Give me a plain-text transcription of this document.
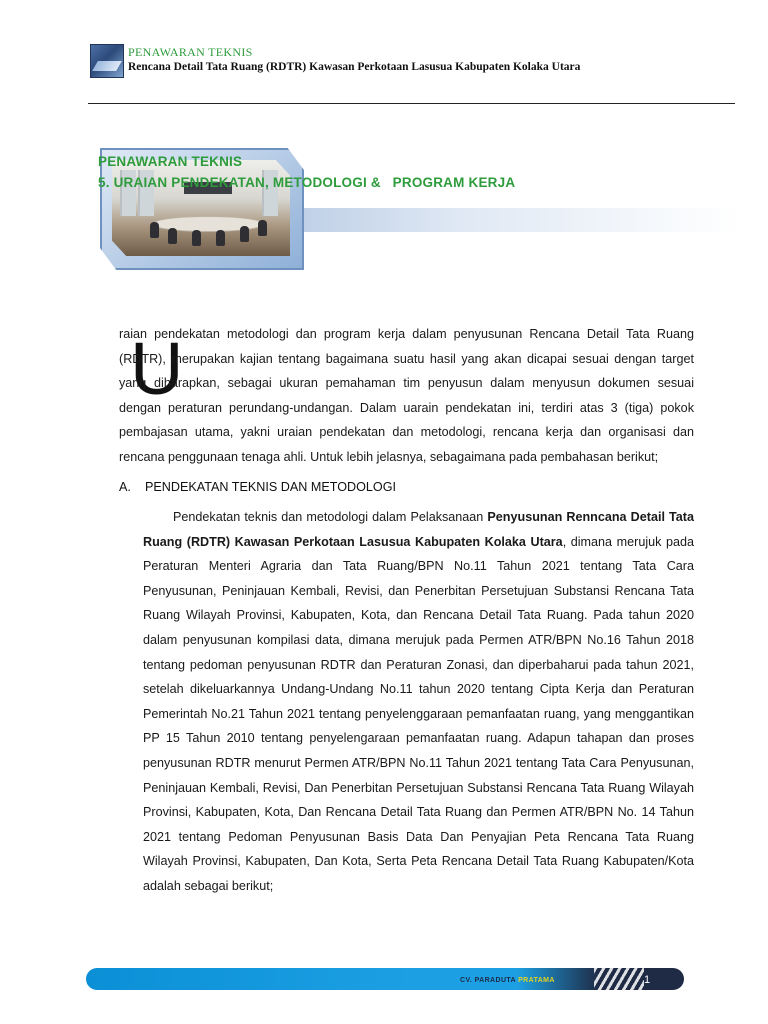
PENAWARAN TEKNIS
Rencana Detail Tata Ruang (RDTR) Kawasan Perkotaan Lasusua Kabupaten Kolaka Utara
PENAWARAN TEKNIS
5. URAIAN PENDEKATAN, METODOLOGI &   PROGRAM KERJA
U
raian pendekatan metodologi dan program kerja dalam penyusunan Rencana Detail Tata Ruang (RDTR), merupakan kajian tentang bagaimana suatu hasil yang akan dicapai sesuai dengan target yang diharapkan, sebagai ukuran pemahaman tim penyusun dalam menyusun dokumen sesuai dengan peraturan perundang-undangan. Dalam uarain pendekatan ini, terdiri atas 3 (tiga) pokok pembajasan utama, yakni uraian pendekatan dan metodologi, rencana kerja dan organisasi dan rencana penggunaan tenaga ahli. Untuk lebih jelasnya, sebagaimana pada pembahasan berikut;
A. PENDEKATAN TEKNIS DAN METODOLOGI
Pendekatan teknis dan metodologi dalam Pelaksanaan Penyusunan Renncana Detail Tata Ruang (RDTR) Kawasan Perkotaan Lasusua Kabupaten Kolaka Utara, dimana merujuk pada Peraturan Menteri Agraria dan Tata Ruang/BPN No.11 Tahun 2021 tentang Tata Cara Penyusunan, Peninjauan Kembali, Revisi, dan Penerbitan Persetujuan Substansi Rencana Tata Ruang Wilayah Provinsi, Kabupaten, Kota, dan Rencana Detail Tata Ruang. Pada tahun 2020 dalam penyusunan kompilasi data, dimana merujuk pada Permen ATR/BPN No.16 Tahun 2018 tentang pedoman penyusunan RDTR dan Peraturan Zonasi, dan diperbaharui pada tahun 2021, setelah dikeluarkannya Undang-Undang No.11 tahun 2020 tentang Cipta Kerja dan Peraturan Pemerintah No.21 Tahun 2021 tentang penyelenggaraan pemanfaatan ruang, yang menggantikan PP 15 Tahun 2010 tentang penyelengaraan pemanfaatan ruang. Adapun tahapan dan proses penyusunan RDTR menurut Permen ATR/BPN No.11 Tahun 2021 tentang Tata Cara Penyusunan, Peninjauan Kembali, Revisi, Dan Penerbitan Persetujuan Substansi Rencana Tata Ruang Wilayah Provinsi, Kabupaten, Kota, Dan Rencana Detail Tata Ruang dan Permen ATR/BPN No. 14 Tahun 2021 tentang Pedoman Penyusunan Basis Data Dan Penyajian Peta Rencana Tata Ruang Wilayah Provinsi, Kabupaten, Dan Kota, Serta Peta Rencana Detail Tata Ruang Kabupaten/Kota adalah sebagai berikut;
CV. PARADUTA PRATAMA	1
